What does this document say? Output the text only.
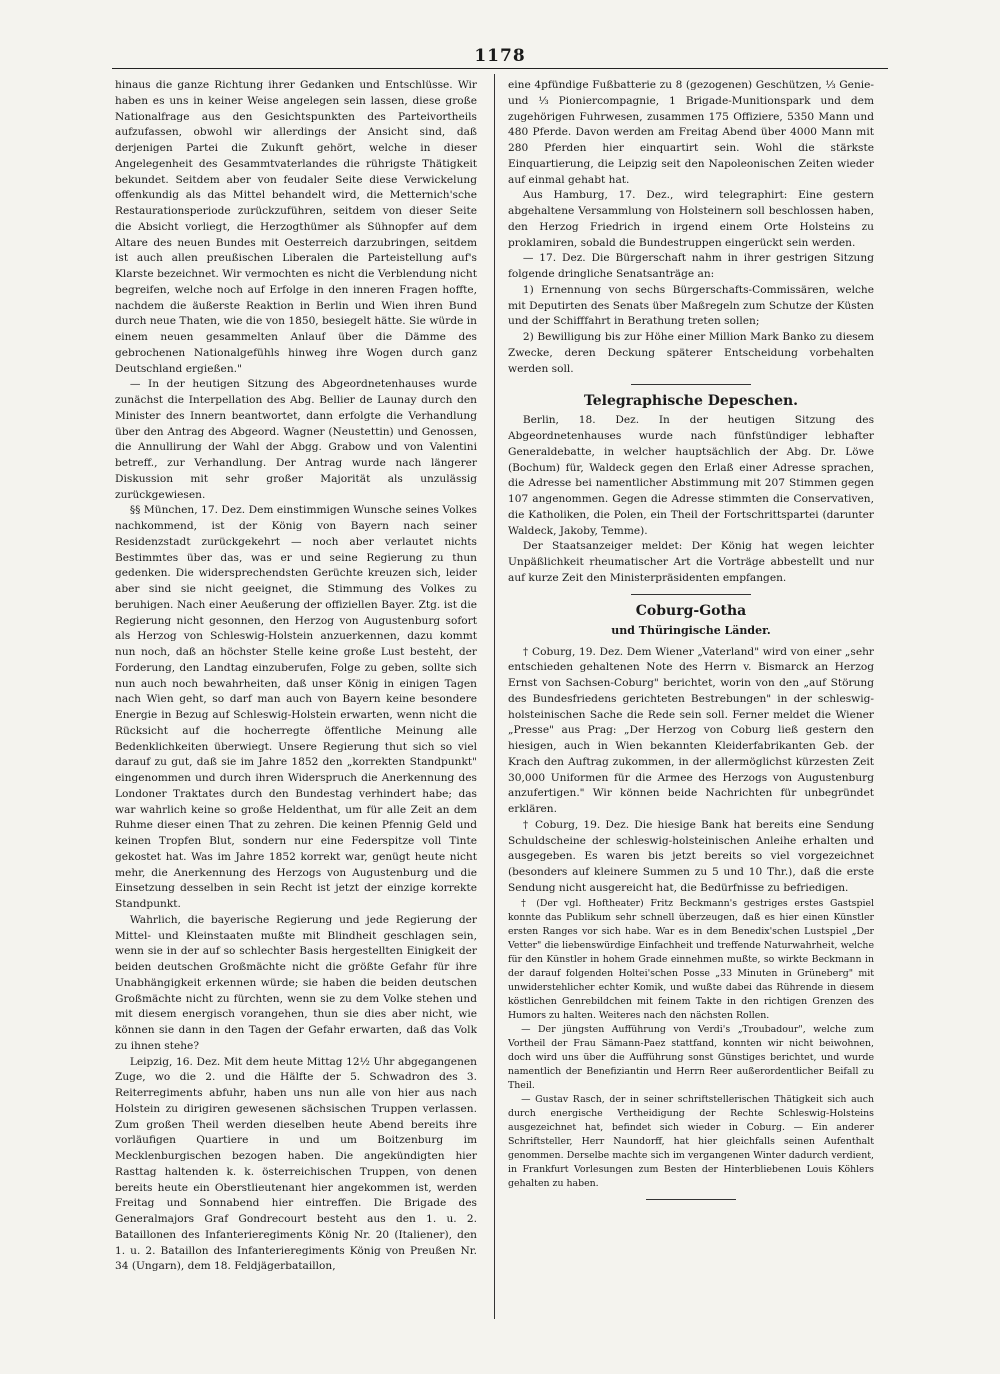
1178

hinaus die ganze Richtung ihrer Gedanken und Entschlüsse. Wir haben es uns in keiner Weise angelegen sein lassen, diese große Nationalfrage aus den Gesichtspunkten des Parteivortheils aufzufassen, obwohl wir allerdings der Ansicht sind, daß derjenigen Partei die Zukunft gehört, welche in dieser Angelegenheit des Gesammtvaterlandes die rührigste Thätigkeit bekundet. Seitdem aber von feudaler Seite diese Verwickelung offenkundig als das Mittel behandelt wird, die Metternich'sche Restaurationsperiode zurückzuführen, seitdem von dieser Seite die Absicht vorliegt, die Herzogthümer als Sühnopfer auf dem Altare des neuen Bundes mit Oesterreich darzubringen, seitdem ist auch allen preußischen Liberalen die Parteistellung auf's Klarste bezeichnet. Wir vermochten es nicht die Verblendung nicht begreifen, welche noch auf Erfolge in den inneren Fragen hoffte, nachdem die äußerste Reaktion in Berlin und Wien ihren Bund durch neue Thaten, wie die von 1850, besiegelt hätte. Sie würde in einem neuen gesammelten Anlauf über die Dämme des gebrochenen Nationalgefühls hinweg ihre Wogen durch ganz Deutschland ergießen."

— In der heutigen Sitzung des Abgeordnetenhauses wurde zunächst die Interpellation des Abg. Bellier de Launay durch den Minister des Innern beantwortet, dann erfolgte die Verhandlung über den Antrag des Abgeord. Wagner (Neustettin) und Genossen, die Annullirung der Wahl der Abgg. Grabow und von Valentini betreff., zur Verhandlung. Der Antrag wurde nach längerer Diskussion mit sehr großer Majorität als unzulässig zurückgewiesen.

§§ München, 17. Dez. Dem einstimmigen Wunsche seines Volkes nachkommend, ist der König von Bayern nach seiner Residenzstadt zurückgekehrt — noch aber verlautet nichts Bestimmtes über das, was er und seine Regierung zu thun gedenken. Die widersprechendsten Gerüchte kreuzen sich, leider aber sind sie nicht geeignet, die Stimmung des Volkes zu beruhigen. Nach einer Aeußerung der offiziellen Bayer. Ztg. ist die Regierung nicht gesonnen, den Herzog von Augustenburg sofort als Herzog von Schleswig-Holstein anzuerkennen, dazu kommt nun noch, daß an höchster Stelle keine große Lust besteht, der Forderung, den Landtag einzuberufen, Folge zu geben, sollte sich nun auch noch bewahrheiten, daß unser König in einigen Tagen nach Wien geht, so darf man auch von Bayern keine besondere Energie in Bezug auf Schleswig-Holstein erwarten, wenn nicht die Rücksicht auf die hocherregte öffentliche Meinung alle Bedenklichkeiten überwiegt. Unsere Regierung thut sich so viel darauf zu gut, daß sie im Jahre 1852 den „korrekten Standpunkt" eingenommen und durch ihren Widerspruch die Anerkennung des Londoner Traktates durch den Bundestag verhindert habe; das war wahrlich keine so große Heldenthat, um für alle Zeit an dem Ruhme dieser einen That zu zehren. Die keinen Pfennig Geld und keinen Tropfen Blut, sondern nur eine Federspitze voll Tinte gekostet hat. Was im Jahre 1852 korrekt war, genügt heute nicht mehr, die Anerkennung des Herzogs von Augustenburg und die Einsetzung desselben in sein Recht ist jetzt der einzige korrekte Standpunkt.

Wahrlich, die bayerische Regierung und jede Regierung der Mittel- und Kleinstaaten mußte mit Blindheit geschlagen sein, wenn sie in der auf so schlechter Basis hergestellten Einigkeit der beiden deutschen Großmächte nicht die größte Gefahr für ihre Unabhängigkeit erkennen würde; sie haben die beiden deutschen Großmächte nicht zu fürchten, wenn sie zu dem Volke stehen und mit diesem energisch vorangehen, thun sie dies aber nicht, wie können sie dann in den Tagen der Gefahr erwarten, daß das Volk zu ihnen stehe?

Leipzig, 16. Dez. Mit dem heute Mittag 12½ Uhr abgegangenen Zuge, wo die 2. und die Hälfte der 5. Schwadron des 3. Reiterregiments abfuhr, haben uns nun alle von hier aus nach Holstein zu dirigiren gewesenen sächsischen Truppen verlassen. Zum großen Theil werden dieselben heute Abend bereits ihre vorläufigen Quartiere in und um Boitzenburg im Mecklenburgischen bezogen haben. Die angekündigten hier Rasttag haltenden k. k. österreichischen Truppen, von denen bereits heute ein Oberstlieutenant hier angekommen ist, werden Freitag und Sonnabend hier eintreffen. Die Brigade des Generalmajors Graf Gondrecourt besteht aus den 1. u. 2. Bataillonen des Infanterieregiments König Nr. 20 (Italiener), den 1. u. 2. Bataillon des Infanterieregiments König von Preußen Nr. 34 (Ungarn), dem 18. Feldjägerbataillon,

eine 4pfündige Fußbatterie zu 8 (gezogenen) Geschützen, ⅓ Genie- und ⅓ Pioniercompagnie, 1 Brigade-Munitionspark und dem zugehörigen Fuhrwesen, zusammen 175 Offiziere, 5350 Mann und 480 Pferde. Davon werden am Freitag Abend über 4000 Mann mit 280 Pferden hier einquartirt sein. Wohl die stärkste Einquartierung, die Leipzig seit den Napoleonischen Zeiten wieder auf einmal gehabt hat.

Aus Hamburg, 17. Dez., wird telegraphirt: Eine gestern abgehaltene Versammlung von Holsteinern soll beschlossen haben, den Herzog Friedrich in irgend einem Orte Holsteins zu proklamiren, sobald die Bundestruppen eingerückt sein werden.

— 17. Dez. Die Bürgerschaft nahm in ihrer gestrigen Sitzung folgende dringliche Senatsanträge an:

1) Ernennung von sechs Bürgerschafts-Commissären, welche mit Deputirten des Senats über Maßregeln zum Schutze der Küsten und der Schifffahrt in Berathung treten sollen;

2) Bewilligung bis zur Höhe einer Million Mark Banko zu diesem Zwecke, deren Deckung späterer Entscheidung vorbehalten werden soll.

Telegraphische Depeschen.

Berlin, 18. Dez. In der heutigen Sitzung des Abgeordnetenhauses wurde nach fünfstündiger lebhafter Generaldebatte, in welcher hauptsächlich der Abg. Dr. Löwe (Bochum) für, Waldeck gegen den Erlaß einer Adresse sprachen, die Adresse bei namentlicher Abstimmung mit 207 Stimmen gegen 107 angenommen. Gegen die Adresse stimmten die Conservativen, die Katholiken, die Polen, ein Theil der Fortschrittspartei (darunter Waldeck, Jakoby, Temme).

Der Staatsanzeiger meldet: Der König hat wegen leichter Unpäßlichkeit rheumatischer Art die Vorträge abbestellt und nur auf kurze Zeit den Ministerpräsidenten empfangen.

Coburg-Gotha
und Thüringische Länder.

† Coburg, 19. Dez. Dem Wiener „Vaterland" wird von einer „sehr entschieden gehaltenen Note des Herrn v. Bismarck an Herzog Ernst von Sachsen-Coburg" berichtet, worin von den „auf Störung des Bundesfriedens gerichteten Bestrebungen" in der schleswig-holsteinischen Sache die Rede sein soll. Ferner meldet die Wiener „Presse" aus Prag: „Der Herzog von Coburg ließ gestern den hiesigen, auch in Wien bekannten Kleiderfabrikanten Geb. der Krach den Auftrag zukommen, in der allermöglichst kürzesten Zeit 30,000 Uniformen für die Armee des Herzogs von Augustenburg anzufertigen." Wir können beide Nachrichten für unbegründet erklären.

† Coburg, 19. Dez. Die hiesige Bank hat bereits eine Sendung Schuldscheine der schleswig-holsteinischen Anleihe erhalten und ausgegeben. Es waren bis jetzt bereits so viel vorgezeichnet (besonders auf kleinere Summen zu 5 und 10 Thr.), daß die erste Sendung nicht ausgereicht hat, die Bedürfnisse zu befriedigen.

† (Der vgl. Hoftheater) Fritz Beckmann's gestriges erstes Gastspiel konnte das Publikum sehr schnell überzeugen, daß es hier einen Künstler ersten Ranges vor sich habe. War es in dem Benedix'schen Lustspiel „Der Vetter" die liebenswürdige Einfachheit und treffende Naturwahrheit, welche für den Künstler in hohem Grade einnehmen mußte, so wirkte Beckmann in der darauf folgenden Holtei'schen Posse „33 Minuten in Grüneberg" mit unwiderstehlicher echter Komik, und wußte dabei das Rührende in diesem köstlichen Genrebildchen mit feinem Takte in den richtigen Grenzen des Humors zu halten. Weiteres nach den nächsten Rollen.

— Der jüngsten Aufführung von Verdi's „Troubadour", welche zum Vortheil der Frau Sämann-Paez stattfand, konnten wir nicht beiwohnen, doch wird uns über die Aufführung sonst Günstiges berichtet, und wurde namentlich der Benefiziantin und Herrn Reer außerordentlicher Beifall zu Theil.

— Gustav Rasch, der in seiner schriftstellerischen Thätigkeit sich auch durch energische Vertheidigung der Rechte Schleswig-Holsteins ausgezeichnet hat, befindet sich wieder in Coburg. — Ein anderer Schriftsteller, Herr Naundorff, hat hier gleichfalls seinen Aufenthalt genommen. Derselbe machte sich im vergangenen Winter dadurch verdient, in Frankfurt Vorlesungen zum Besten der Hinterbliebenen Louis Köhlers gehalten zu haben.
